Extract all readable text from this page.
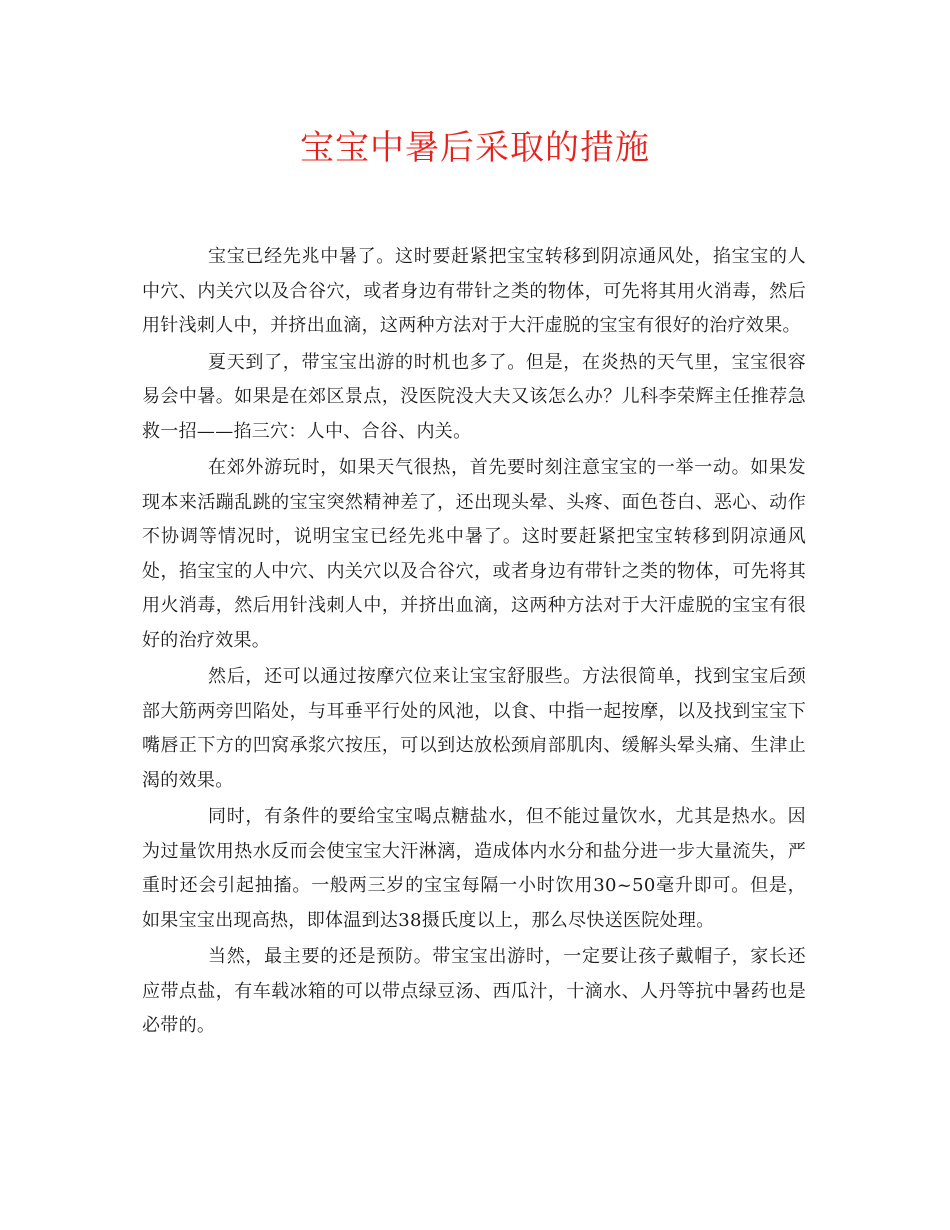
宝宝中暑后采取的措施

宝宝已经先兆中暑了。这时要赶紧把宝宝转移到阴凉通风处，掐宝宝的人中穴、内关穴以及合谷穴，或者身边有带针之类的物体，可先将其用火消毒，然后用针浅刺人中，并挤出血滴，这两种方法对于大汗虚脱的宝宝有很好的治疗效果。

夏天到了，带宝宝出游的时机也多了。但是，在炎热的天气里，宝宝很容易会中暑。如果是在郊区景点，没医院没大夫又该怎么办？儿科李荣辉主任推荐急救一招——掐三穴：人中、合谷、内关。

在郊外游玩时，如果天气很热，首先要时刻注意宝宝的一举一动。如果发现本来活蹦乱跳的宝宝突然精神差了，还出现头晕、头疼、面色苍白、恶心、动作不协调等情况时，说明宝宝已经先兆中暑了。这时要赶紧把宝宝转移到阴凉通风处，掐宝宝的人中穴、内关穴以及合谷穴，或者身边有带针之类的物体，可先将其用火消毒，然后用针浅刺人中，并挤出血滴，这两种方法对于大汗虚脱的宝宝有很好的治疗效果。

然后，还可以通过按摩穴位来让宝宝舒服些。方法很简单，找到宝宝后颈部大筋两旁凹陷处，与耳垂平行处的风池，以食、中指一起按摩，以及找到宝宝下嘴唇正下方的凹窝承浆穴按压，可以到达放松颈肩部肌肉、缓解头晕头痛、生津止渴的效果。

同时，有条件的要给宝宝喝点糖盐水，但不能过量饮水，尤其是热水。因为过量饮用热水反而会使宝宝大汗淋漓，造成体内水分和盐分进一步大量流失，严重时还会引起抽搐。一般两三岁的宝宝每隔一小时饮用30~50毫升即可。但是，如果宝宝出现高热，即体温到达38摄氏度以上，那么尽快送医院处理。

当然，最主要的还是预防。带宝宝出游时，一定要让孩子戴帽子，家长还应带点盐，有车载冰箱的可以带点绿豆汤、西瓜汁，十滴水、人丹等抗中暑药也是必带的。
